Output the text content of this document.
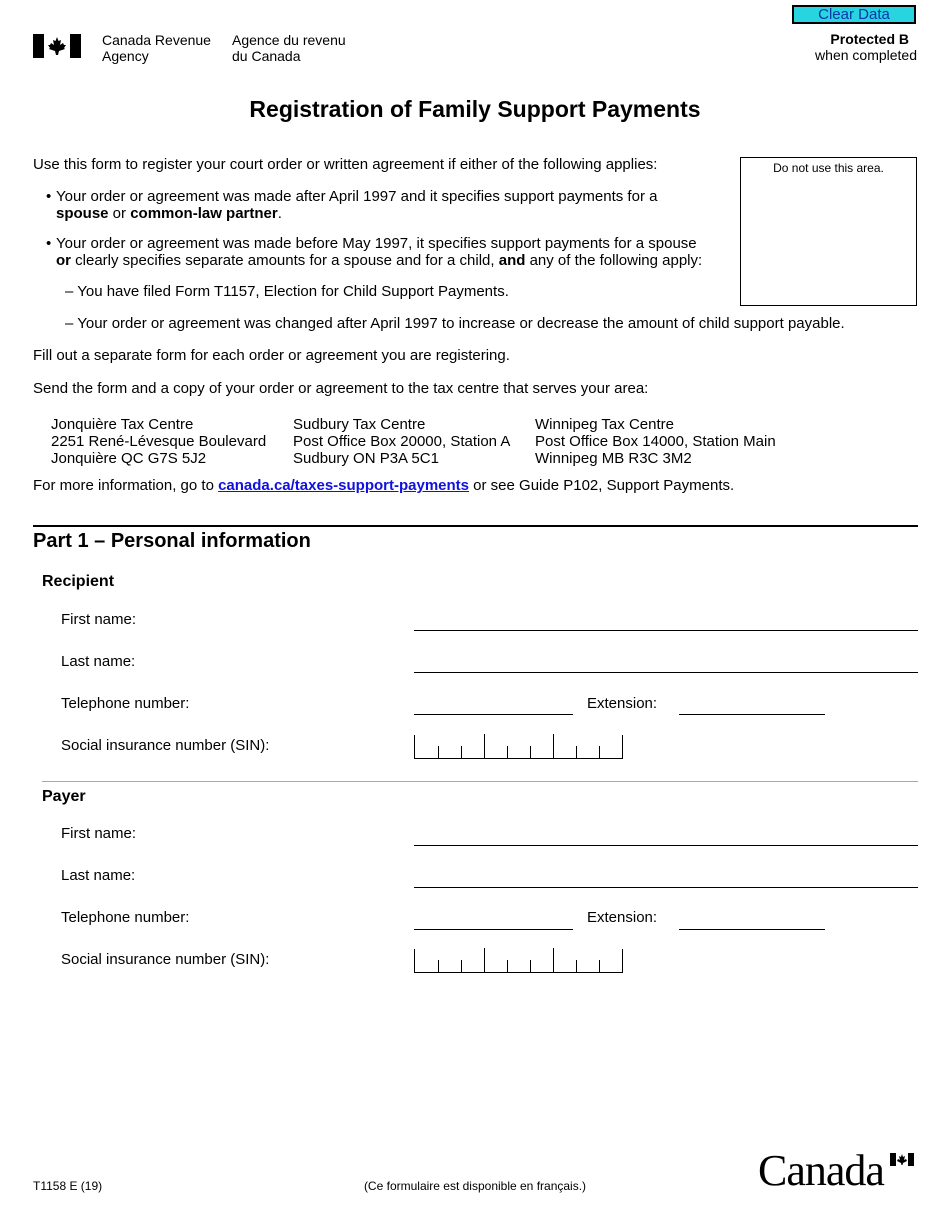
Canada Revenue
Agency
Agence du revenu
du Canada
Clear Data
Protected B
when completed
Registration of Family Support Payments
Do not use this area.
Use this form to register your court order or written agreement if either of the following applies:
• Your order or agreement was made after April 1997 and it specifies support payments for a
spouse or common-law partner.
• Your order or agreement was made before May 1997, it specifies support payments for a spouse
or clearly specifies separate amounts for a spouse and for a child, and any of the following apply:
– You have filed Form T1157, Election for Child Support Payments.
– Your order or agreement was changed after April 1997 to increase or decrease the amount of child support payable.
Fill out a separate form for each order or agreement you are registering.
Send the form and a copy of your order or agreement to the tax centre that serves your area:
Jonquière Tax Centre
2251 René-Lévesque Boulevard
Jonquière QC G7S 5J2
Sudbury Tax Centre
Post Office Box 20000, Station A
Sudbury ON P3A 5C1
Winnipeg Tax Centre
Post Office Box 14000, Station Main
Winnipeg MB R3C 3M2
For more information, go to canada.ca/taxes-support-payments or see Guide P102, Support Payments.
Part 1 – Personal information
Recipient
First name:
Last name:
Telephone number:	Extension:
Social insurance number (SIN):
Payer
First name:
Last name:
Telephone number:	Extension:
Social insurance number (SIN):
T1158 E (19)	(Ce formulaire est disponible en français.)	Canada
